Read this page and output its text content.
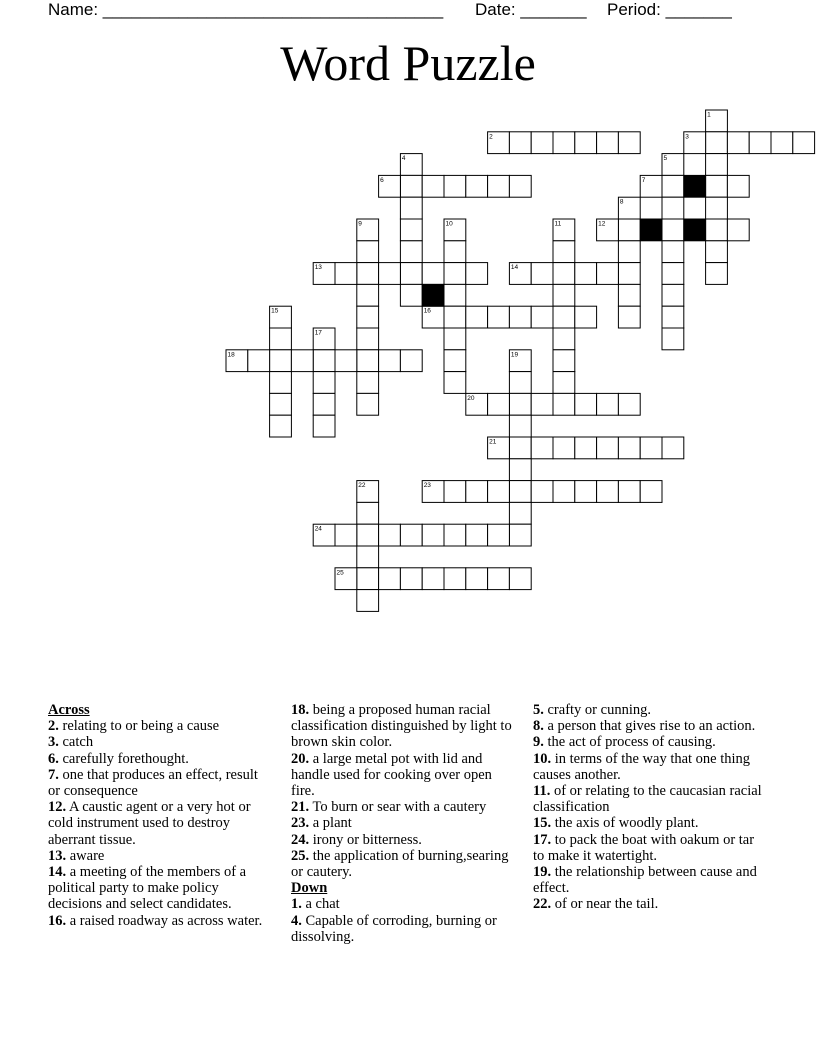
Name: ____________________________________ Date: _______ Period: _______
Word Puzzle
1
2	3
4	5
6	7
8
9	10	11	12
13	14
15	16
17
18	19
20
21
22	23
24
25
Across
2. relating to or being a cause
3. catch
6. carefully forethought.
7. one that produces an effect, result or consequence
12. A caustic agent or a very hot or cold instrument used to destroy aberrant tissue.
13. aware
14. a meeting of the members of a political party to make policy decisions and select candidates.
16. a raised roadway as across water.
18. being a proposed human racial classification distinguished by light to brown skin color.
20. a large metal pot with lid and handle used for cooking over open fire.
21. To burn or sear with a cautery
23. a plant
24. irony or bitterness.
25. the application of burning,searing or cautery.
Down
1. a chat
4. Capable of corroding, burning or dissolving.
5. crafty or cunning.
8. a person that gives rise to an action.
9. the act of process of causing.
10. in terms of the way that one thing causes another.
11. of or relating to the caucasian racial classification
15. the axis of woodly plant.
17. to pack the boat with oakum or tar to make it watertight.
19. the relationship between cause and effect.
22. of or near the tail.
